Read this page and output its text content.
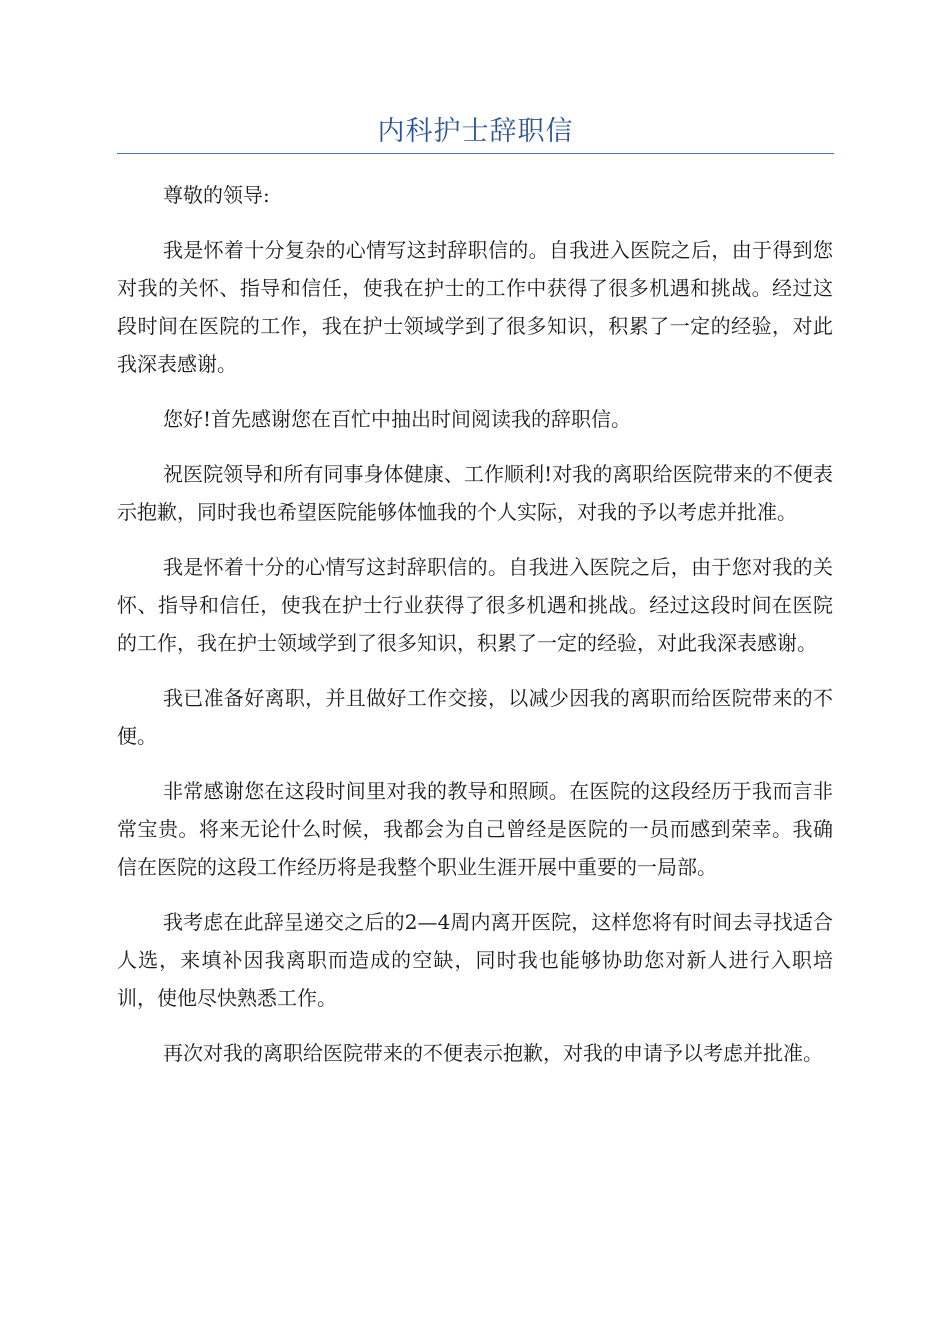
内科护士辞职信

尊敬的领导:

我是怀着十分复杂的心情写这封辞职信的。自我进入医院之后，由于得到您对我的关怀、指导和信任，使我在护士的工作中获得了很多机遇和挑战。经过这段时间在医院的工作，我在护士领域学到了很多知识，积累了一定的经验，对此我深表感谢。

您好!首先感谢您在百忙中抽出时间阅读我的辞职信。

祝医院领导和所有同事身体健康、工作顺利!对我的离职给医院带来的不便表示抱歉，同时我也希望医院能够体恤我的个人实际，对我的予以考虑并批准。

我是怀着十分的心情写这封辞职信的。自我进入医院之后，由于您对我的关怀、指导和信任，使我在护士行业获得了很多机遇和挑战。经过这段时间在医院的工作，我在护士领域学到了很多知识，积累了一定的经验，对此我深表感谢。

我已准备好离职，并且做好工作交接，以减少因我的离职而给医院带来的不便。

非常感谢您在这段时间里对我的教导和照顾。在医院的这段经历于我而言非常宝贵。将来无论什么时候，我都会为自己曾经是医院的一员而感到荣幸。我确信在医院的这段工作经历将是我整个职业生涯开展中重要的一局部。

我考虑在此辞呈递交之后的2—4周内离开医院，这样您将有时间去寻找适合人选，来填补因我离职而造成的空缺，同时我也能够协助您对新人进行入职培训，使他尽快熟悉工作。

再次对我的离职给医院带来的不便表示抱歉，对我的申请予以考虑并批准。
